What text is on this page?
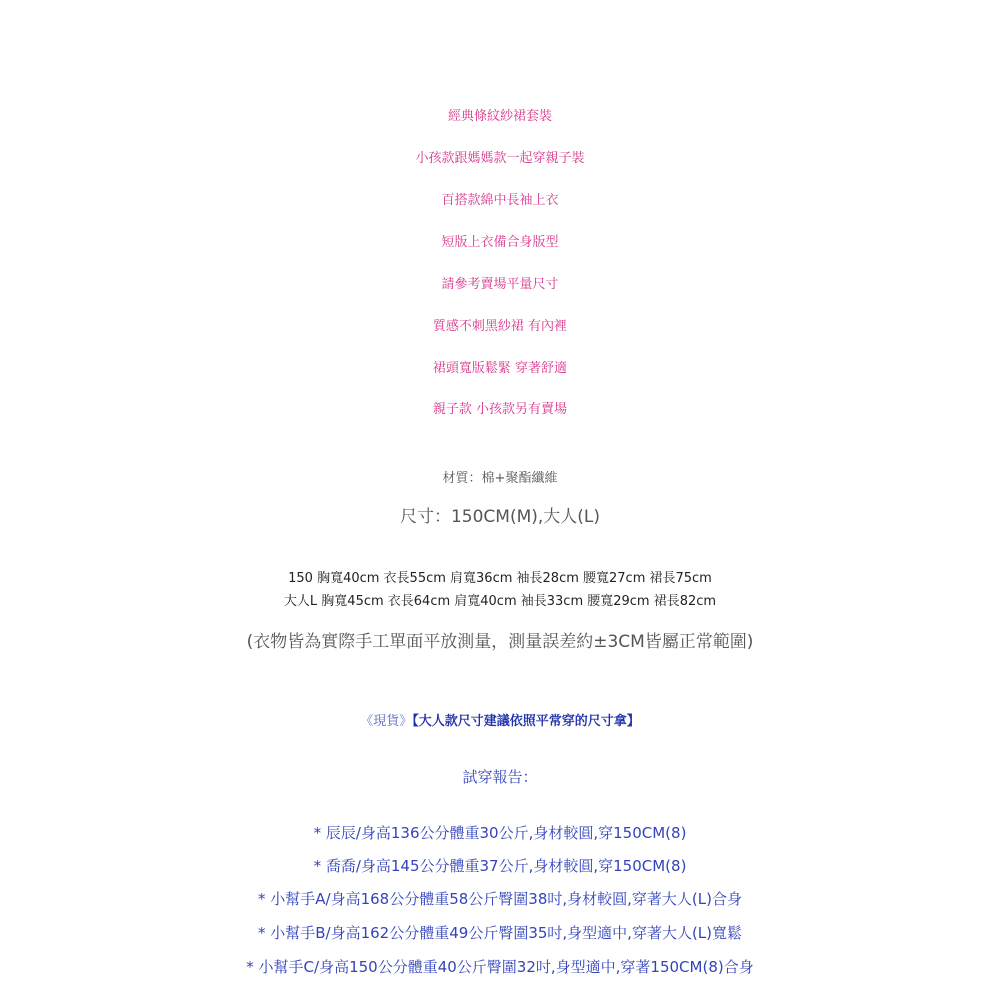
經典條紋紗裙套裝
小孩款跟媽媽款一起穿親子裝
百搭款綿中長袖上衣
短版上衣備合身版型
請參考賣場平量尺寸
質感不刺黑紗裙 有內裡
裙頭寬版鬆緊 穿著舒適
親子款 小孩款另有賣場
材質：棉+聚酯纖維
尺寸：150CM(M),大人(L)
150 胸寬40cm 衣長55cm 肩寬36cm 袖長28cm 腰寬27cm 裙長75cm
大人L 胸寬45cm 衣長64cm 肩寬40cm 袖長33cm 腰寬29cm 裙長82cm
(衣物皆為實際手工單面平放測量，測量誤差約±3CM皆屬正常範圍)
《現貨》【大人款尺寸建議依照平常穿的尺寸拿】
試穿報告：
* 辰辰/身高136公分體重30公斤,身材較圓,穿150CM(8)
* 喬喬/身高145公分體重37公斤,身材較圓,穿150CM(8)
* 小幫手A/身高168公分體重58公斤臀圍38吋,身材較圓,穿著大人(L)合身
* 小幫手B/身高162公分體重49公斤臀圍35吋,身型適中,穿著大人(L)寬鬆
* 小幫手C/身高150公分體重40公斤臀圍32吋,身型適中,穿著150CM(8)合身
